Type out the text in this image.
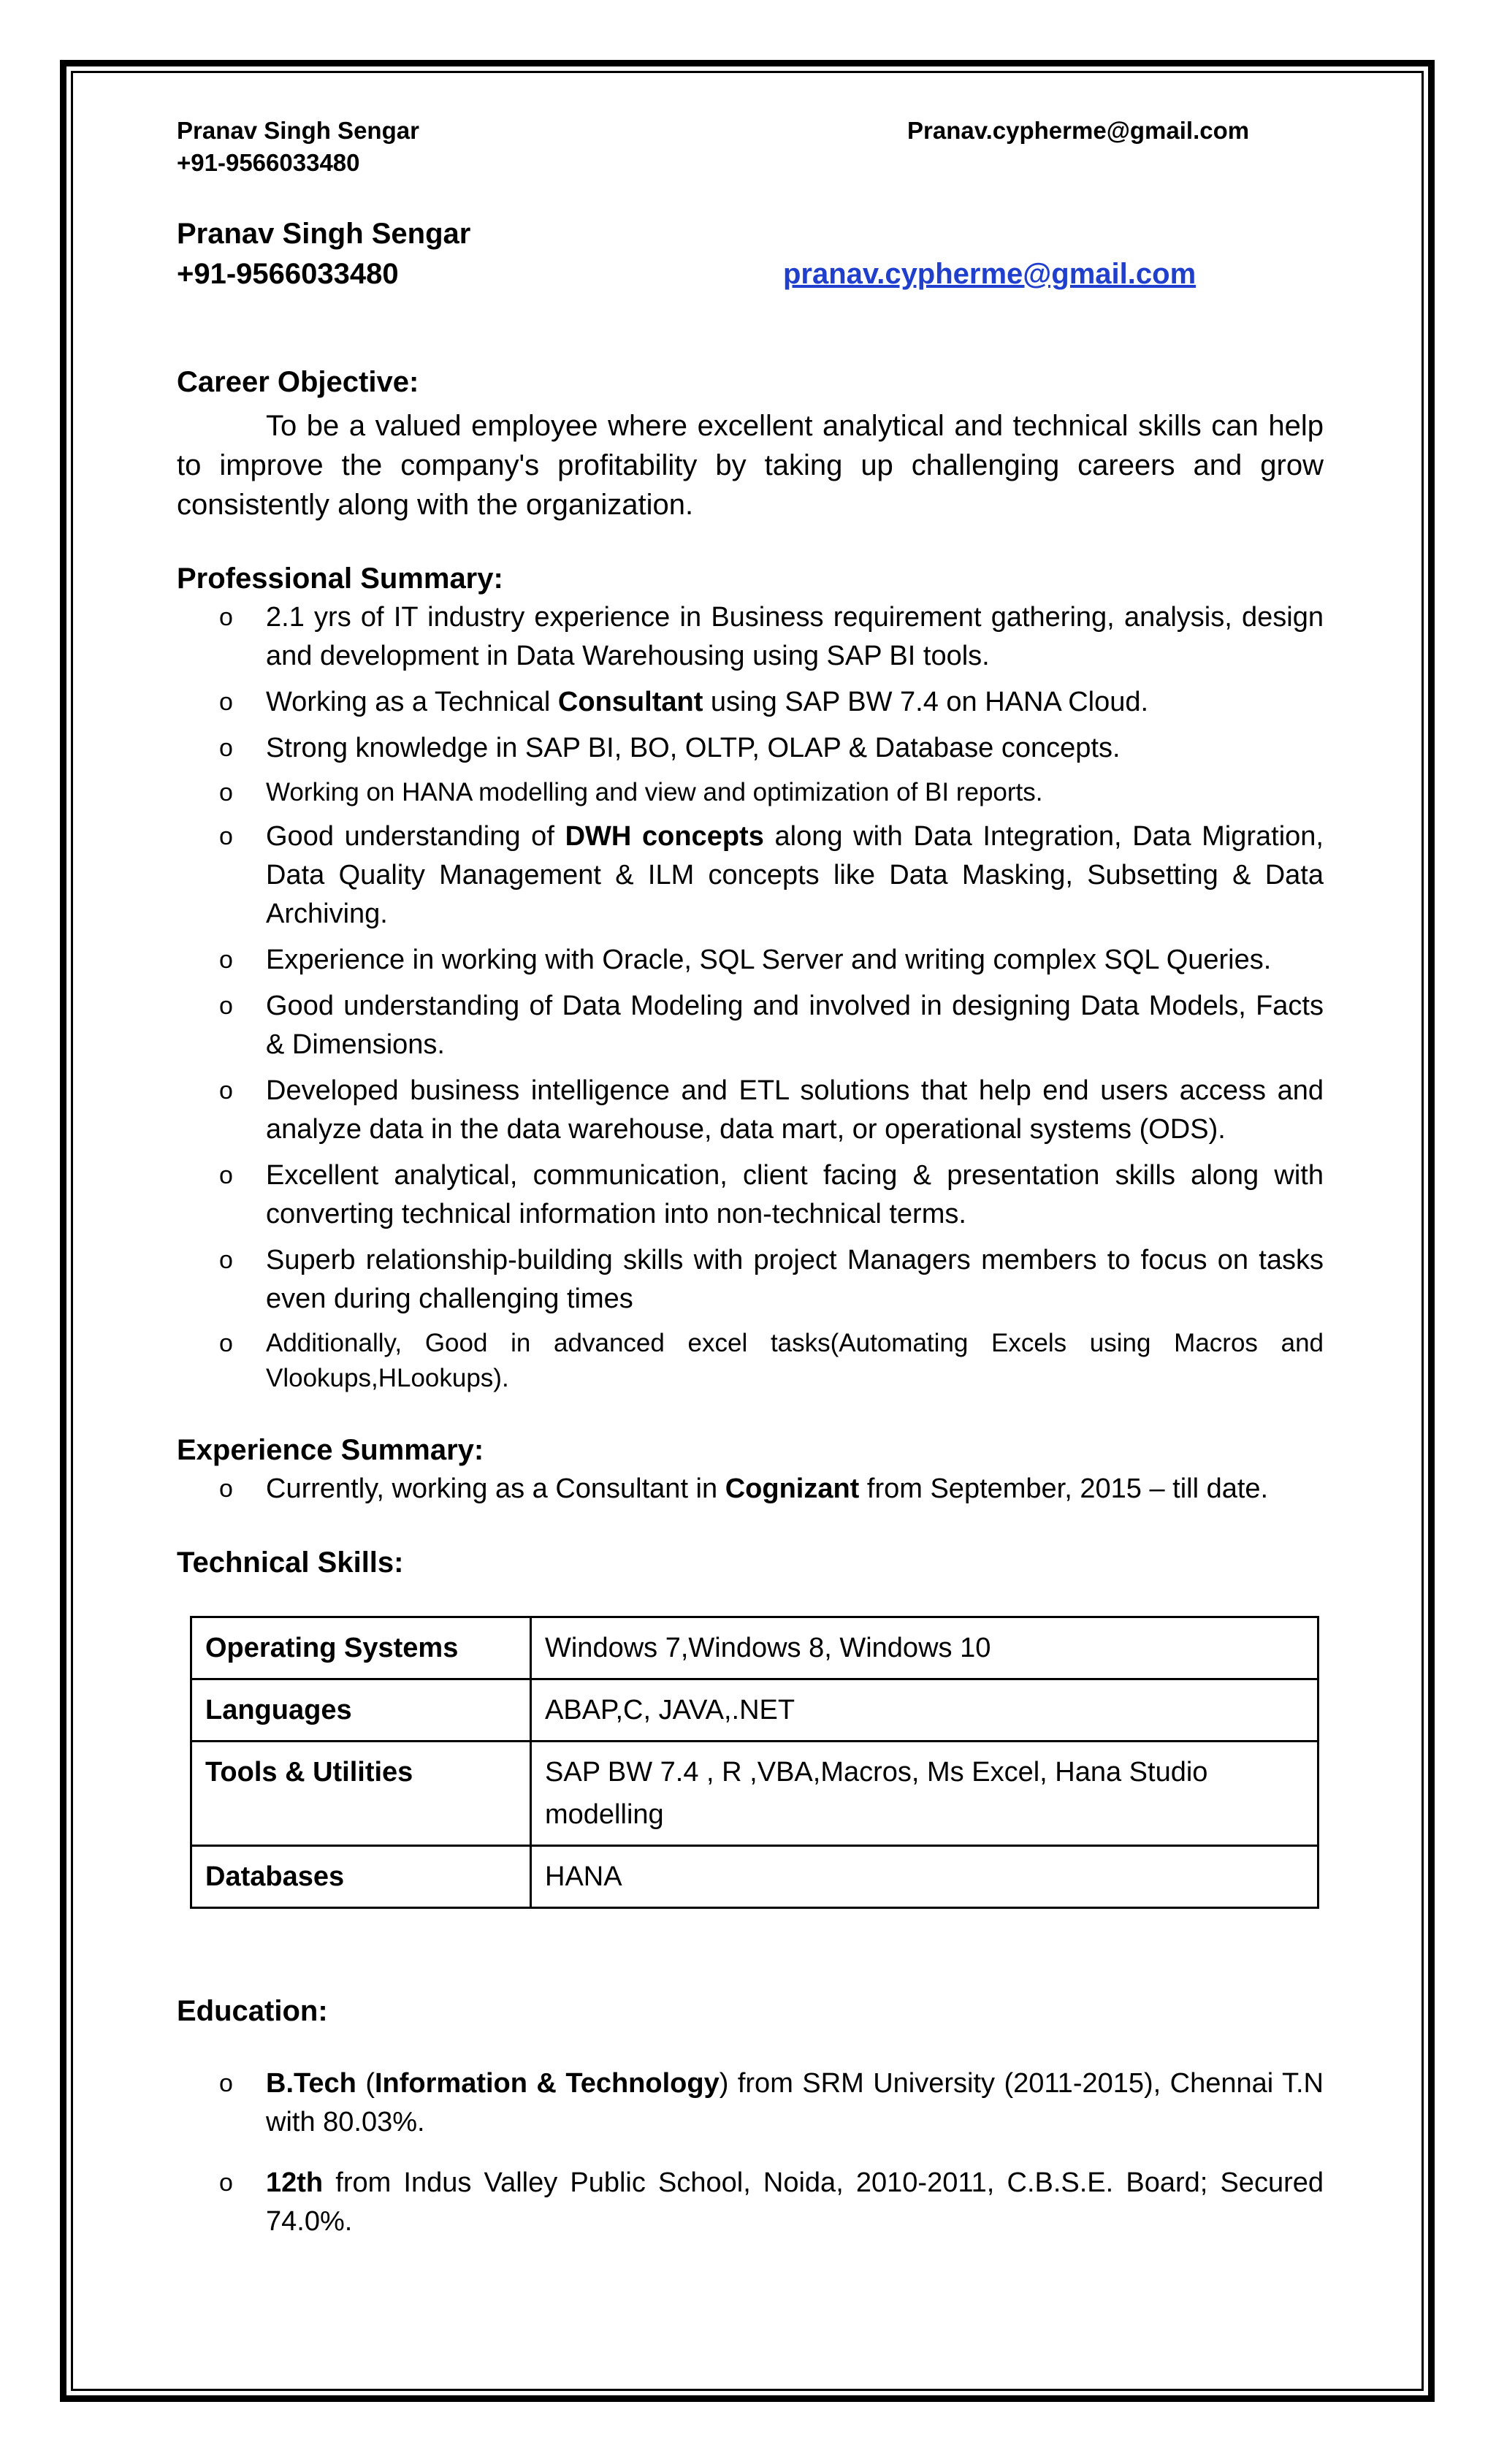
Pranav Singh Sengar	Pranav.cypherme@gmail.com
+91-9566033480
Pranav Singh Sengar
+91-9566033480	pranav.cypherme@gmail.com
Career Objective:
To be a valued employee where excellent analytical and technical skills can help to improve the company's profitability by taking up challenging careers and grow consistently along with the organization.
Professional Summary:
o 2.1 yrs of IT industry experience in Business requirement gathering, analysis, design and development in Data Warehousing using SAP BI tools.
o Working as a Technical Consultant using SAP BW 7.4 on HANA Cloud.
o Strong knowledge in SAP BI, BO, OLTP, OLAP & Database concepts.
o Working on HANA modelling and view and optimization of BI reports.
o Good understanding of DWH concepts along with Data Integration, Data Migration, Data Quality Management & ILM concepts like Data Masking, Subsetting & Data Archiving.
o Experience in working with Oracle, SQL Server and writing complex SQL Queries.
o Good understanding of Data Modeling and involved in designing Data Models, Facts & Dimensions.
o Developed business intelligence and ETL solutions that help end users access and analyze data in the data warehouse, data mart, or operational systems (ODS).
o Excellent analytical, communication, client facing & presentation skills along with converting technical information into non-technical terms.
o Superb relationship-building skills with project Managers members to focus on tasks even during challenging times
o Additionally, Good in advanced excel tasks(Automating Excels using Macros and Vlookups,HLookups).
Experience Summary:
o Currently, working as a Consultant in Cognizant from September, 2015 – till date.
Technical Skills:
Operating Systems	Windows 7,Windows 8, Windows 10
Languages	ABAP,C, JAVA,.NET
Tools & Utilities	SAP BW 7.4 , R ,VBA,Macros, Ms Excel, Hana Studio modelling
Databases	HANA
Education:
o B.Tech (Information & Technology) from SRM University (2011-2015), Chennai T.N with 80.03%.
o 12th from Indus Valley Public School, Noida, 2010-2011, C.B.S.E. Board; Secured 74.0%.
